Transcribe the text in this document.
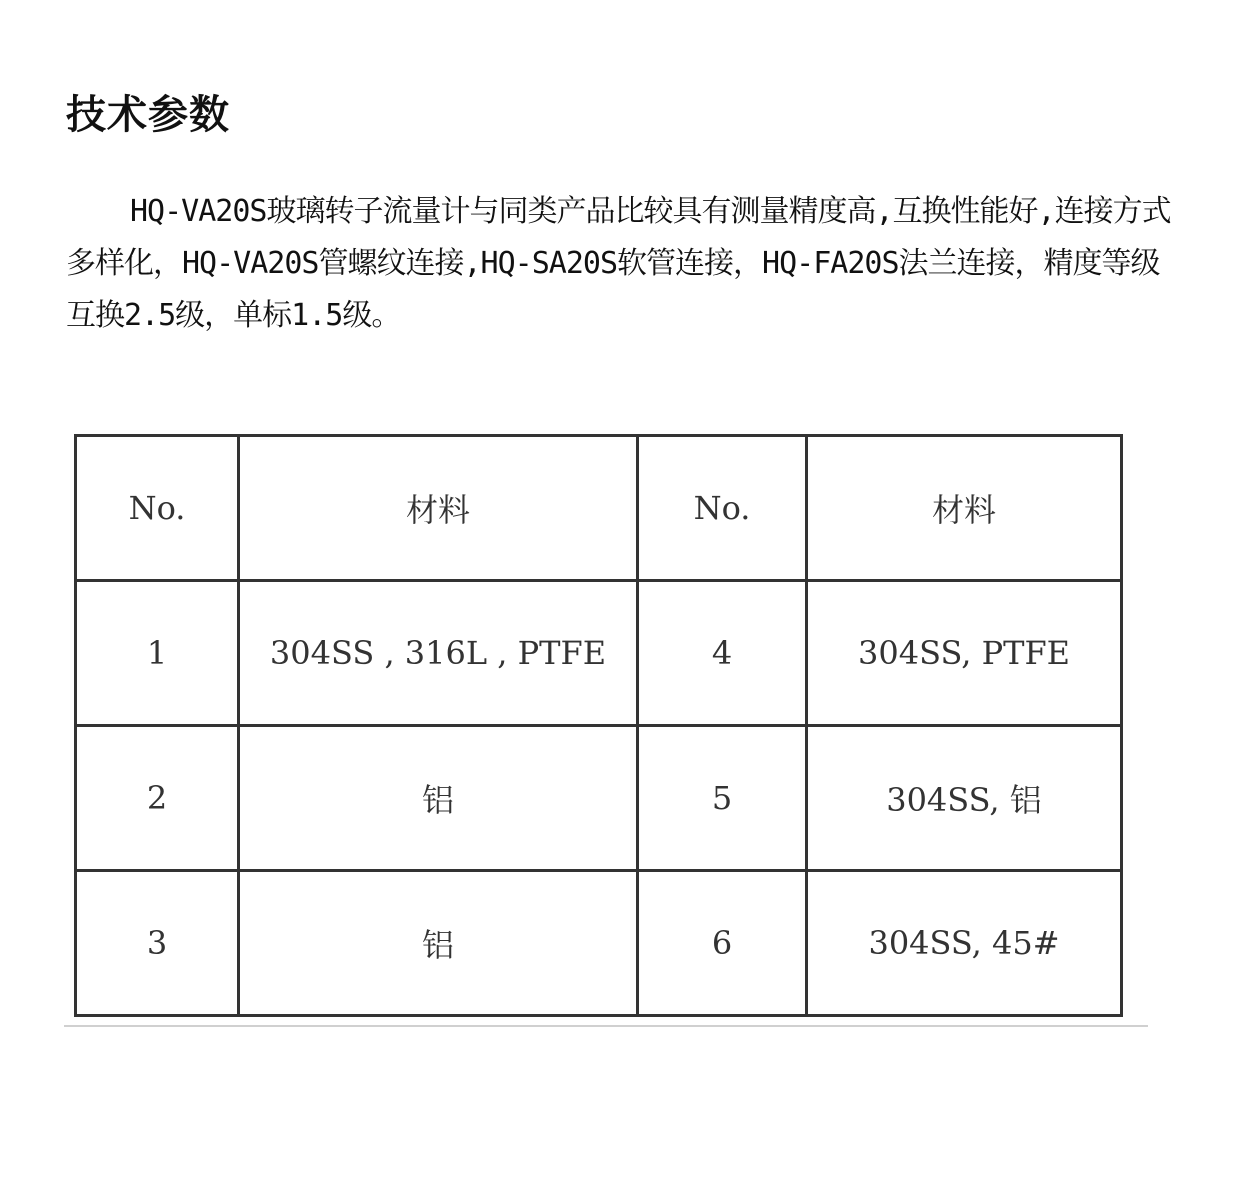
技术参数

HQ-VA20S玻璃转子流量计与同类产品比较具有测量精度高,互换性能好,连接方式多样化，HQ-VA20S管螺纹连接,HQ-SA20S软管连接，HQ-FA20S法兰连接，精度等级互换2.5级，单标1.5级。

No.	材料	No.	材料
1	304SS , 316L , PTFE	4	304SS, PTFE
2	铝	5	304SS, 铝
3	铝	6	304SS, 45#
